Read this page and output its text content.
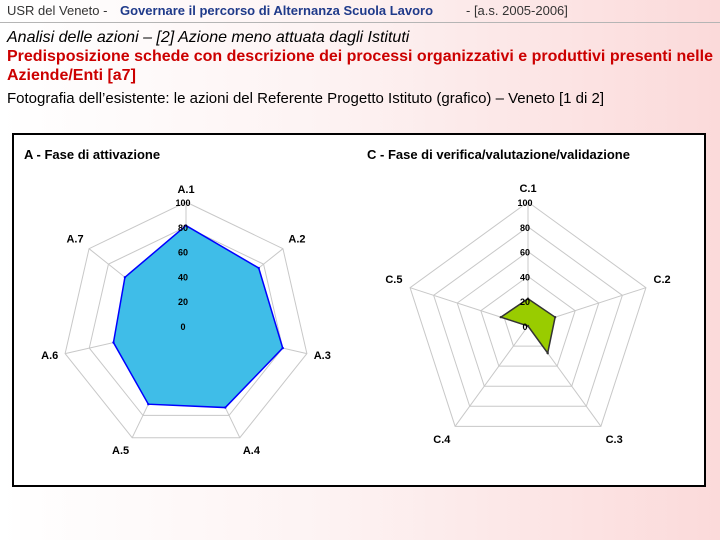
USR del Veneto - Governare il percorso di Alternanza Scuola Lavoro	- [a.s. 2005-2006]
Analisi delle azioni – [2] Azione meno attuata dagli Istituti
Predisposizione schede con descrizione dei processi organizzativi e produttivi presenti nelle Aziende/Enti [a7]
Fotografia dell’esistente: le azioni del Referente Progetto Istituto (grafico) – Veneto [1 di 2]
A - Fase di attivazione	C - Fase di verifica/valutazione/validazione
0
20
40
60
80
100
A.1
A.2
A.3
A.4
A.5
A.6
A.7
0
20
40
60
80
100
C.1
C.2
C.3
C.4
C.5
